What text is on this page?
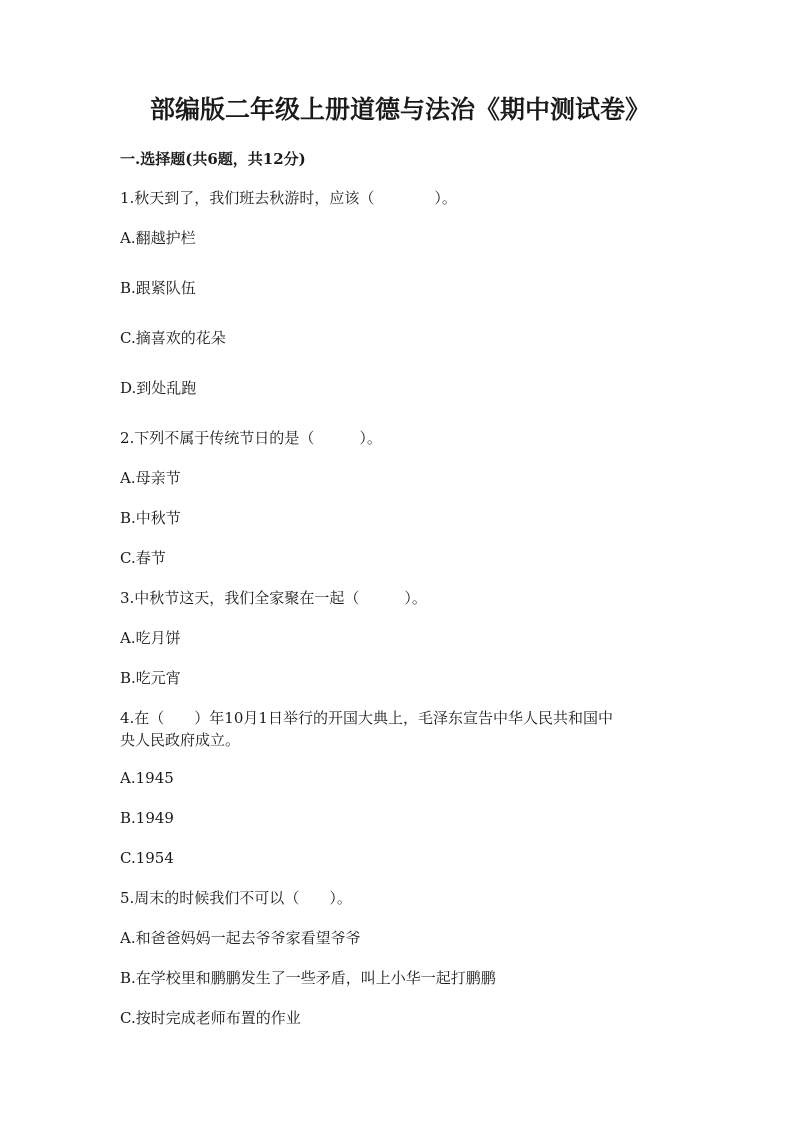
部编版二年级上册道德与法治《期中测试卷》
一.选择题(共6题，共12分)
1.秋天到了，我们班去秋游时，应该（　　　　）。
A.翻越护栏
B.跟紧队伍
C.摘喜欢的花朵
D.到处乱跑
2.下列不属于传统节日的是（　　　）。
A.母亲节
B.中秋节
C.春节
3.中秋节这天，我们全家聚在一起（　　　）。
A.吃月饼
B.吃元宵
4.在（　　）年10月1日举行的开国大典上，毛泽东宣告中华人民共和国中
央人民政府成立。
A.1945
B.1949
C.1954
5.周末的时候我们不可以（　　）。
A.和爸爸妈妈一起去爷爷家看望爷爷
B.在学校里和鹏鹏发生了一些矛盾，叫上小华一起打鹏鹏
C.按时完成老师布置的作业
